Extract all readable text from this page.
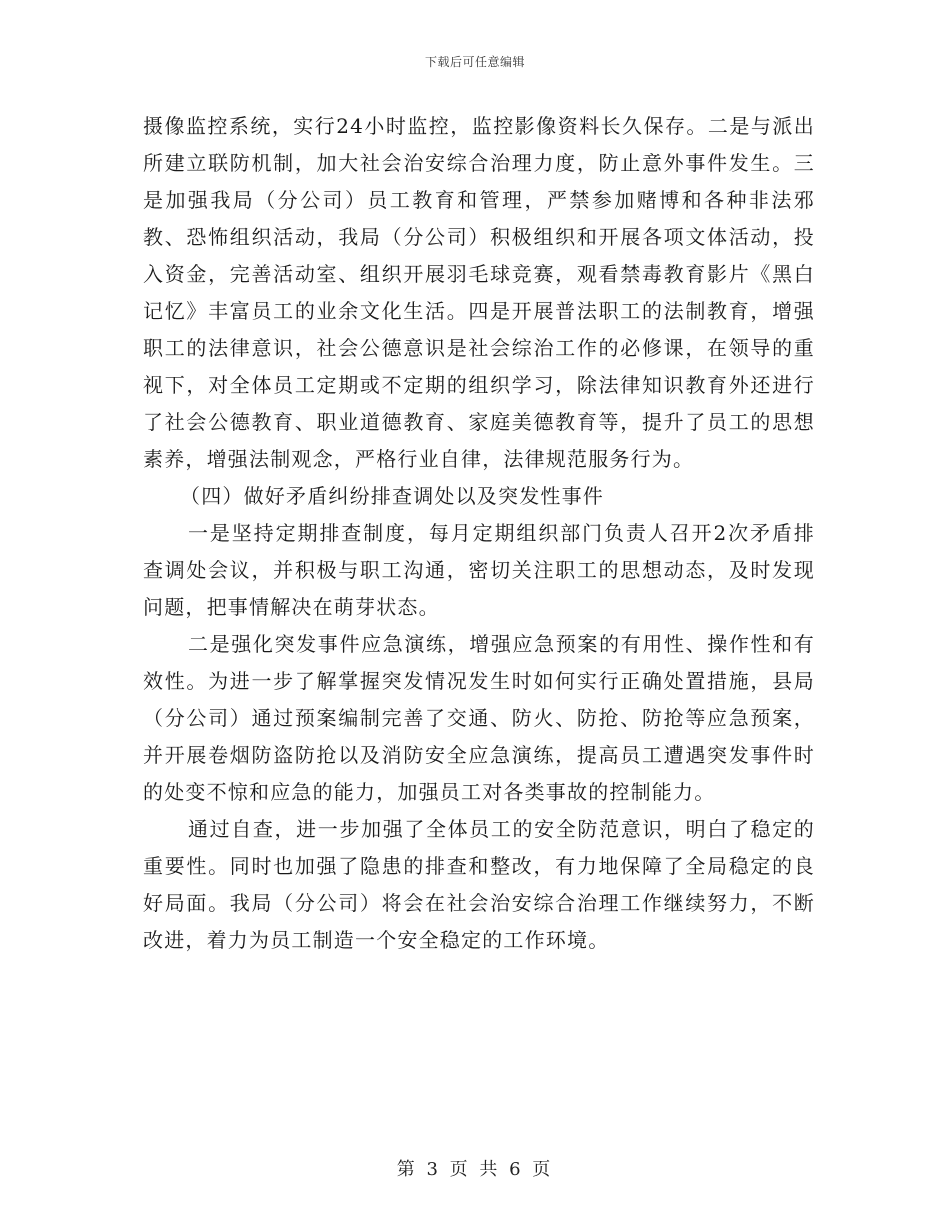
下载后可任意编辑

摄像监控系统，实行24小时监控，监控影像资料长久保存。二是与派出所建立联防机制，加大社会治安综合治理力度，防止意外事件发生。三是加强我局（分公司）员工教育和管理，严禁参加赌博和各种非法邪教、恐怖组织活动，我局（分公司）积极组织和开展各项文体活动，投入资金，完善活动室、组织开展羽毛球竞赛，观看禁毒教育影片《黑白记忆》丰富员工的业余文化生活。四是开展普法职工的法制教育，增强职工的法律意识，社会公德意识是社会综治工作的必修课，在领导的重视下，对全体员工定期或不定期的组织学习，除法律知识教育外还进行了社会公德教育、职业道德教育、家庭美德教育等，提升了员工的思想素养，增强法制观念，严格行业自律，法律规范服务行为。

（四）做好矛盾纠纷排查调处以及突发性事件

一是坚持定期排查制度，每月定期组织部门负责人召开2次矛盾排查调处会议，并积极与职工沟通，密切关注职工的思想动态，及时发现问题，把事情解决在萌芽状态。

二是强化突发事件应急演练，增强应急预案的有用性、操作性和有效性。为进一步了解掌握突发情况发生时如何实行正确处置措施，县局（分公司）通过预案编制完善了交通、防火、防抢、防抢等应急预案，并开展卷烟防盗防抢以及消防安全应急演练，提高员工遭遇突发事件时的处变不惊和应急的能力，加强员工对各类事故的控制能力。

通过自查，进一步加强了全体员工的安全防范意识，明白了稳定的重要性。同时也加强了隐患的排查和整改，有力地保障了全局稳定的良好局面。我局（分公司）将会在社会治安综合治理工作继续努力，不断改进，着力为员工制造一个安全稳定的工作环境。

第 3 页 共 6 页
